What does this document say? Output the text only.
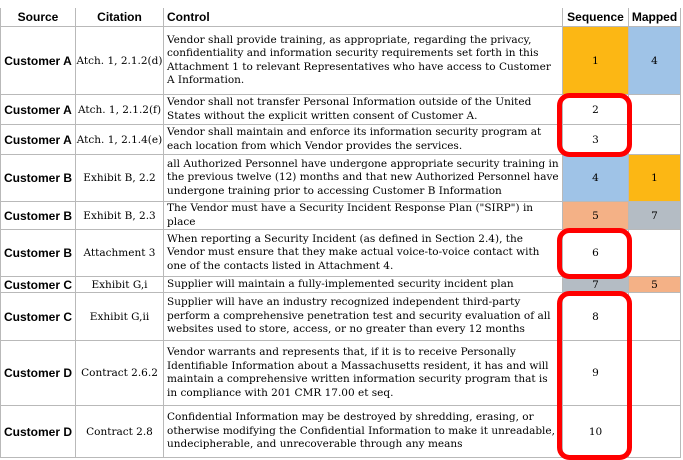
Source	Citation	Control	Sequence	Mapped
Customer A	Atch. 1, 2.1.2(d)	Vendor shall provide training, as appropriate, regarding the privacy, confidentiality and information security requirements set forth in this Attachment 1 to relevant Representatives who have access to Customer A Information.	1	4
Customer A	Atch. 1, 2.1.2(f)	Vendor shall not transfer Personal Information outside of the United States without the explicit written consent of Customer A.	2	
Customer A	Atch. 1, 2.1.4(e)	Vendor shall maintain and enforce its information security program at each location from which Vendor provides the services.	3	
Customer B	Exhibit B, 2.2	all Authorized Personnel have undergone appropriate security training in the previous twelve (12) months and that new Authorized Personnel have undergone training prior to accessing Customer B Information	4	1
Customer B	Exhibit B, 2.3	The Vendor must have a Security Incident Response Plan ("SIRP") in place	5	7
Customer B	Attachment 3	When reporting a Security Incident (as defined in Section 2.4), the Vendor must ensure that they make actual voice-to-voice contact with one of the contacts listed in Attachment 4.	6	
Customer C	Exhibit G,i	Supplier will maintain a fully-implemented security incident plan	7	5
Customer C	Exhibit G,ii	Supplier will have an industry recognized independent third-party perform a comprehensive penetration test and security evaluation of all websites used to store, access, or no greater than every 12 months	8	
Customer D	Contract 2.6.2	Vendor warrants and represents that, if it is to receive Personally Identifiable Information about a Massachusetts resident, it has and will maintain a comprehensive written information security program that is in compliance with 201 CMR 17.00 et seq.	9	
Customer D	Contract 2.8	Confidential Information may be destroyed by shredding, erasing, or otherwise modifying the Confidential Information to make it unreadable, undecipherable, and unrecoverable through any means	10	
